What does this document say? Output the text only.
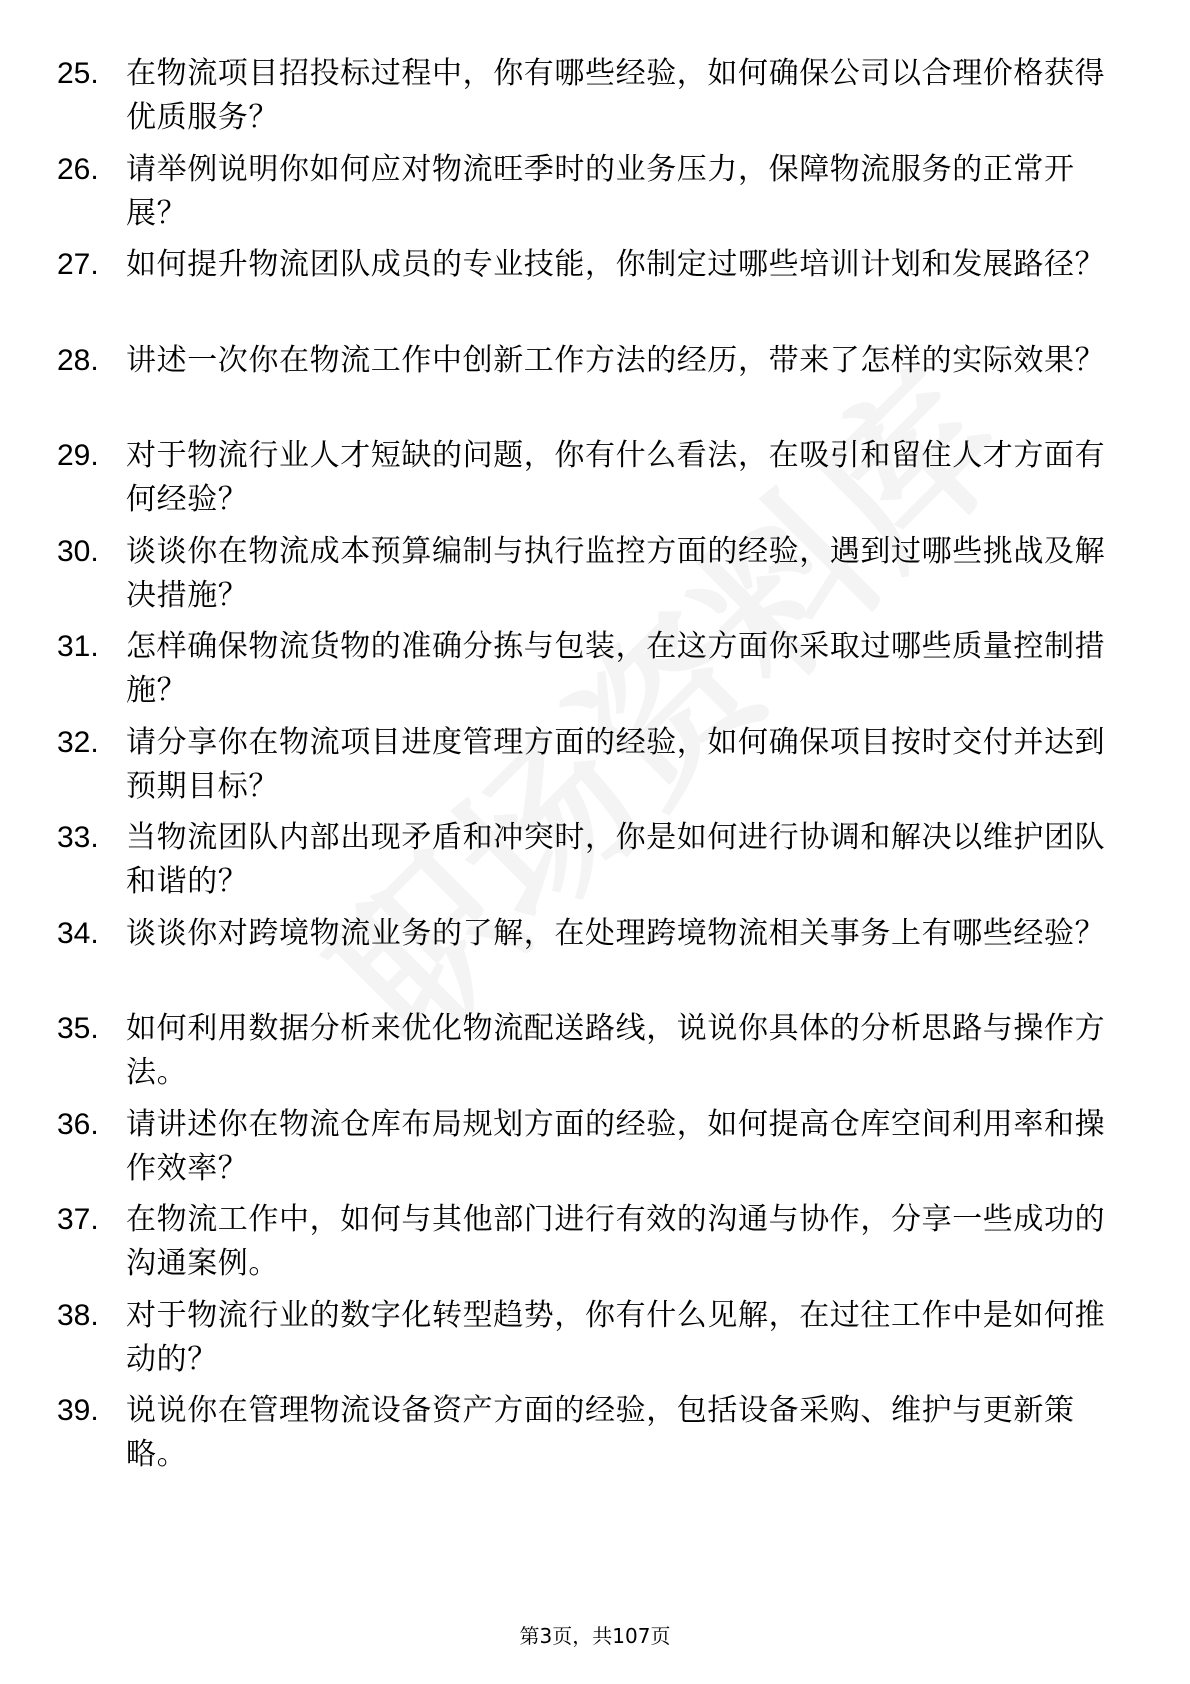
25. 在物流项目招投标过程中，你有哪些经验，如何确保公司以合理价格获得优质服务？
26. 请举例说明你如何应对物流旺季时的业务压力，保障物流服务的正常开展？
27. 如何提升物流团队成员的专业技能，你制定过哪些培训计划和发展路径？
28. 讲述一次你在物流工作中创新工作方法的经历，带来了怎样的实际效果？
29. 对于物流行业人才短缺的问题，你有什么看法，在吸引和留住人才方面有何经验？
30. 谈谈你在物流成本预算编制与执行监控方面的经验，遇到过哪些挑战及解决措施？
31. 怎样确保物流货物的准确分拣与包装，在这方面你采取过哪些质量控制措施？
32. 请分享你在物流项目进度管理方面的经验，如何确保项目按时交付并达到预期目标？
33. 当物流团队内部出现矛盾和冲突时，你是如何进行协调和解决以维护团队和谐的？
34. 谈谈你对跨境物流业务的了解，在处理跨境物流相关事务上有哪些经验？
35. 如何利用数据分析来优化物流配送路线，说说你具体的分析思路与操作方法。
36. 请讲述你在物流仓库布局规划方面的经验，如何提高仓库空间利用率和操作效率？
37. 在物流工作中，如何与其他部门进行有效的沟通与协作，分享一些成功的沟通案例。
38. 对于物流行业的数字化转型趋势，你有什么见解，在过往工作中是如何推动的？
39. 说说你在管理物流设备资产方面的经验，包括设备采购、维护与更新策略。
第3页，共107页
